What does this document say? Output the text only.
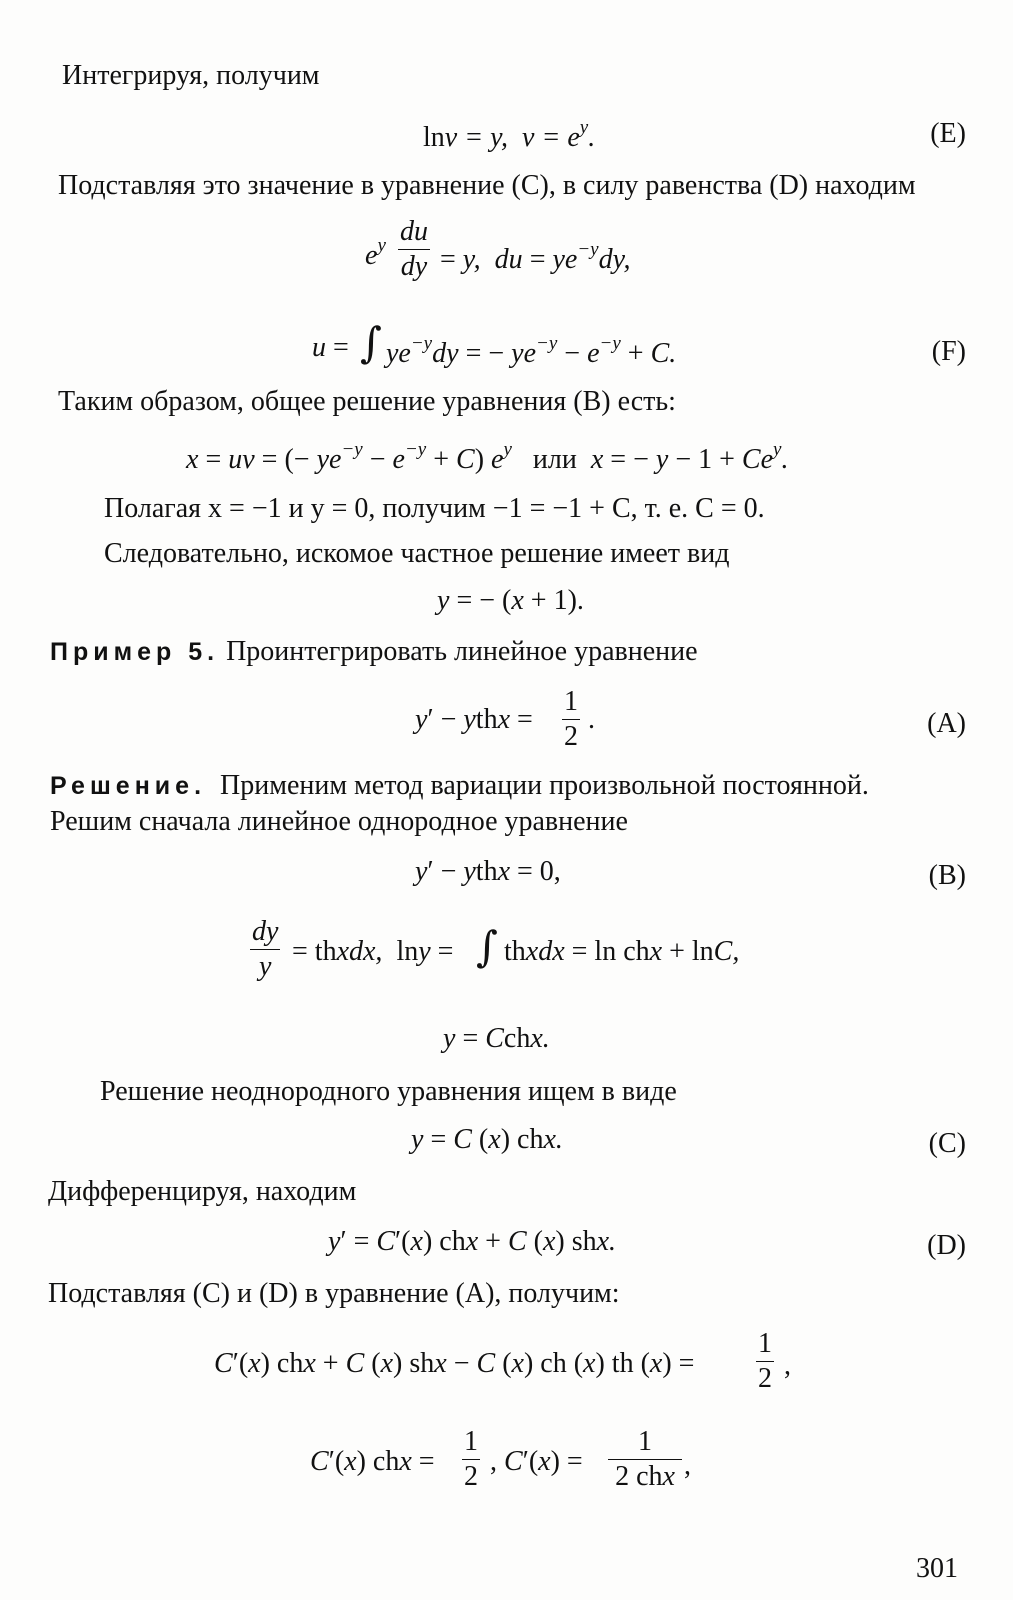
Интегрируя, получим
lnv = y,  $v = e^y$.	(E)
Подставляя это значение в уравнение (С), в силу равенства (D) находим
$e^y \frac{du}{dy} = y$,  du = $ye^{-y}dy$,
u = ∫ $ye^{-y}dy$ = − $ye^{-y} - e^{-y} + C$.	(F)
Таким образом, общее решение уравнения (В) есть:
x = uv = (− $ye^{-y} - e^{-y} + C$) $e^y$ или  x = − $y - 1 + Ce^y$.
Полагая x = −1 и y = 0, получим −1 = −1 + C, т. е. C = 0.
Следовательно, искомое частное решение имеет вид
y = − (x + 1).
Пример 5. Проинтегрировать линейное уравнение
y′ − ythx = $\frac{1}{2}$ .	(A)
Решение. Применим метод вариации произвольной постоянной.
Решим сначала линейное однородное уравнение
y′ − ythx = 0,	(B)
$\frac{dy}{y}$ = thxdx,  lny = ∫ thxdx = ln chx + lnC,
y = Cchx.
Решение неоднородного уравнения ищем в виде
y = C (x) chx.	(C)
Дифференцируя, находим
y′ = C′(x) chx + C (x) shx.	(D)
Подставляя (С) и (D) в уравнение (А), получим:
C′(x) chx + C (x) shx − C (x) ch (x) th $(x) = \frac{1}{2}$ ,
C′(x) chx = $\frac{1}{2}$ , C′(x) =
1
2 chx ,
301
